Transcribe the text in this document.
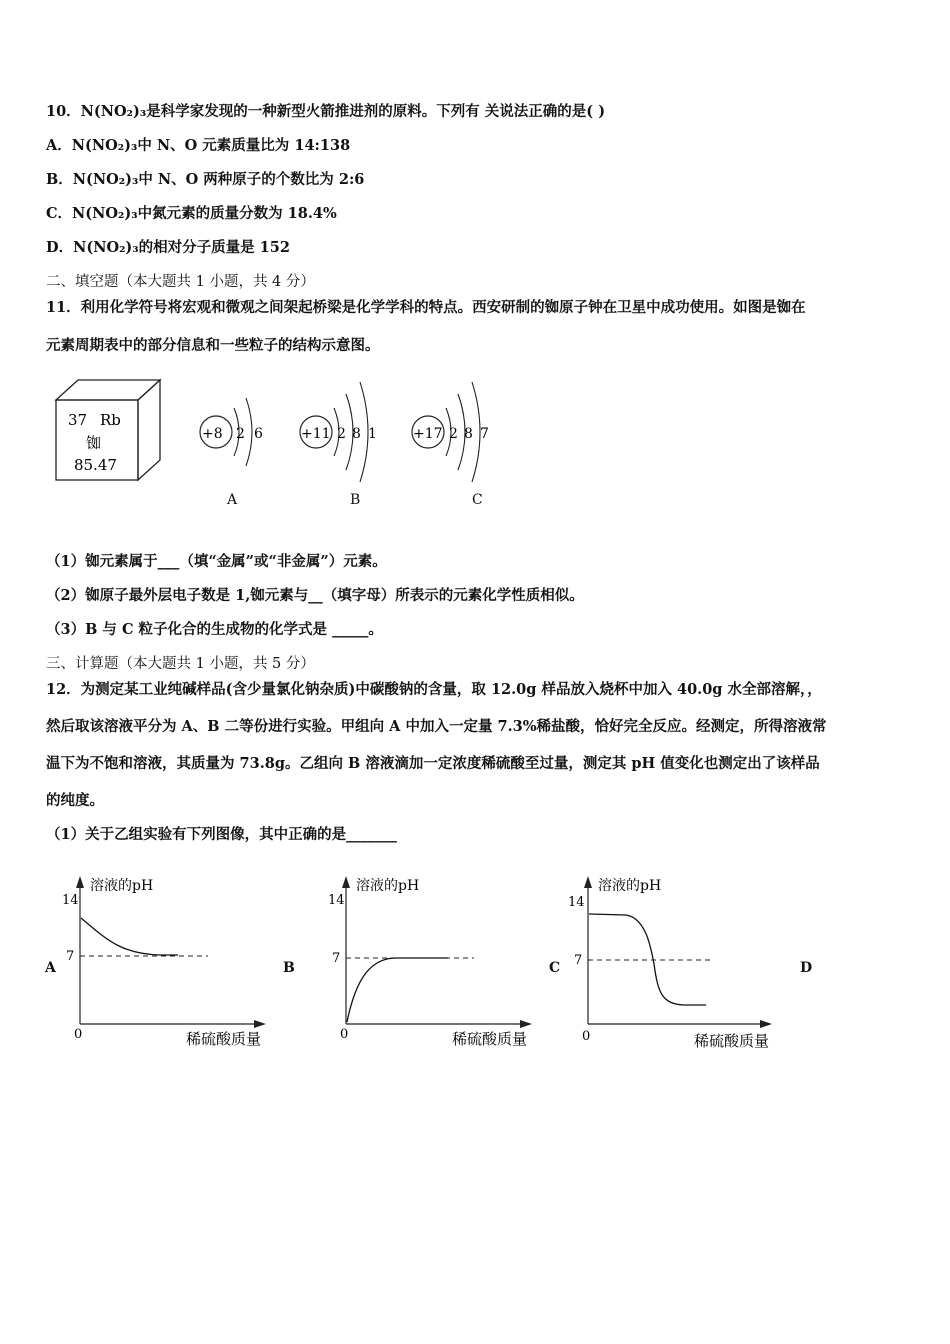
10．N(NO₂)₃是科学家发现的一种新型火箭推进剂的原料。下列有 关说法正确的是( )
A．N(NO₂)₃中 N、O 元素质量比为 14:138
B．N(NO₂)₃中 N、O 两种原子的个数比为 2:6
C．N(NO₂)₃中氮元素的质量分数为 18.4%
D．N(NO₂)₃的相对分子质量是 152
二、填空题（本大题共 1 小题，共 4 分）
11．利用化学符号将宏观和微观之间架起桥梁是化学学科的特点。西安研制的铷原子钟在卫星中成功使用。如图是铷在
元素周期表中的部分信息和一些粒子的结构示意图。
37 Rb
铷
85.47
+8 2 6	+11 2 8 1	+17 2 8 7
A	B	C
（1）铷元素属于___（填“金属”或“非金属”）元素。
（2）铷原子最外层电子数是 1,铷元素与__（填字母）所表示的元素化学性质相似。
（3）B 与 C 粒子化合的生成物的化学式是 _____。
三、计算题（本大题共 1 小题，共 5 分）
12．为测定某工业纯碱样品(含少量氯化钠杂质)中碳酸钠的含量，取 12.0g 样品放入烧杯中加入 40.0g 水全部溶解，，
然后取该溶液平分为 A、B 二等份进行实验。甲组向 A 中加入一定量 7.3%稀盐酸，恰好完全反应。经测定，所得溶液常
温下为不饱和溶液，其质量为 73.8g。乙组向 B 溶液滴加一定浓度稀硫酸至过量，测定其 pH 值变化也测定出了该样品
的纯度。
（1）关于乙组实验有下列图像，其中正确的是_______
A
溶液的pH
14
7
0	稀硫酸质量
B
溶液的pH
14
7
0	稀硫酸质量
C
溶液的pH
14
7
0	稀硫酸质量
D
